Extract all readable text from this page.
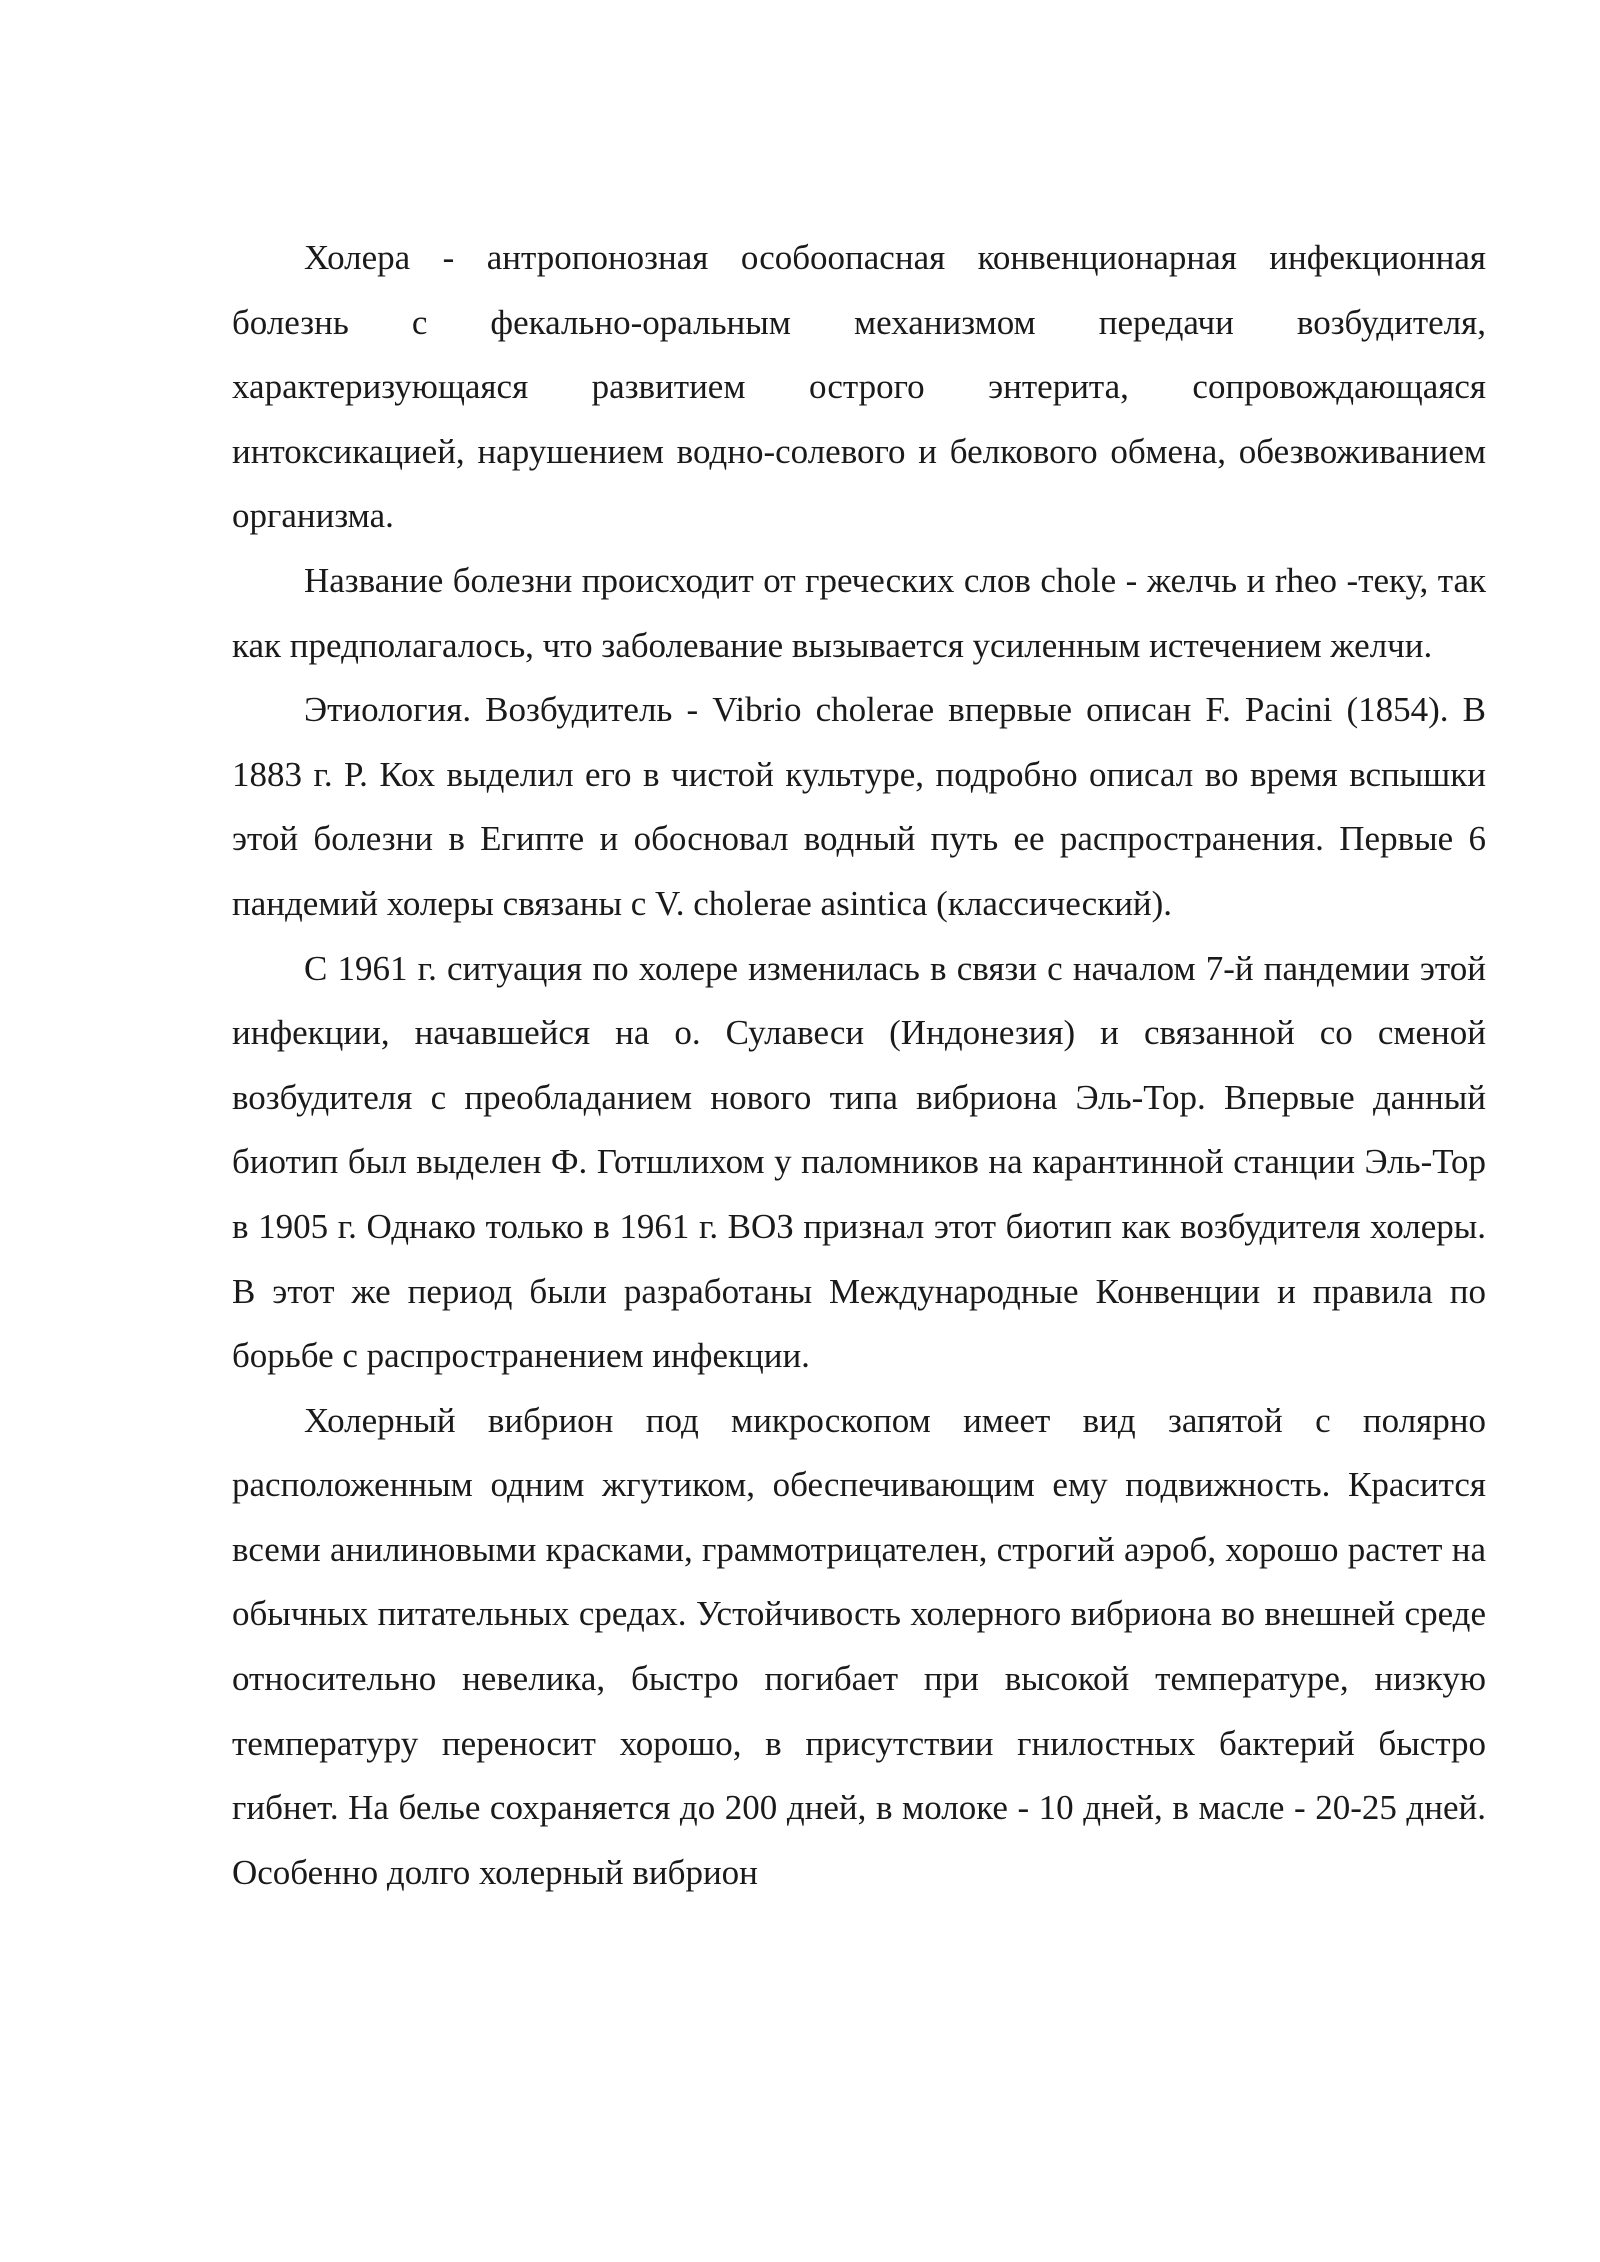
Холера - антропонозная особоопасная конвенционарная инфекционная болезнь с фекально-оральным механизмом передачи возбудителя, характеризующаяся развитием острого энтерита, сопровождающаяся интоксикацией, нарушением водно-солевого и белкового обмена, обезвоживанием организма.

Название болезни происходит от греческих слов chole - желчь и rheo -теку, так как предполагалось, что заболевание вызывается усиленным истечением желчи.

Этиология. Возбудитель - Vibrio cholerae впервые описан F. Pacini (1854). В 1883 г. Р. Кох выделил его в чистой культуре, подробно описал во время вспышки этой болезни в Египте и обосновал водный путь ее распространения. Первые 6 пандемий холеры связаны с V. cholerae asintica (классический).

С 1961 г. ситуация по холере изменилась в связи с началом 7-й пандемии этой инфекции, начавшейся на о. Сулавеси (Индонезия) и связанной со сменой возбудителя с преобладанием нового типа вибриона Эль-Тор. Впервые данный биотип был выделен Ф. Готшлихом у паломников на карантинной станции Эль-Тор в 1905 г. Однако только в 1961 г. ВОЗ признал этот биотип как возбудителя холеры. В этот же период были разработаны Международные Конвенции и правила по борьбе с распространением инфекции.

Холерный вибрион под микроскопом имеет вид запятой с полярно расположенным одним жгутиком, обеспечивающим ему подвижность. Красится всеми анилиновыми красками, граммотрицателен, строгий аэроб, хорошо растет на обычных питательных средах. Устойчивость холерного вибриона во внешней среде относительно невелика, быстро погибает при высокой температуре, низкую температуру переносит хорошо, в присутствии гнилостных бактерий быстро гибнет. На белье сохраняется до 200 дней, в молоке - 10 дней, в масле - 20-25 дней. Особенно долго холерный вибрион
